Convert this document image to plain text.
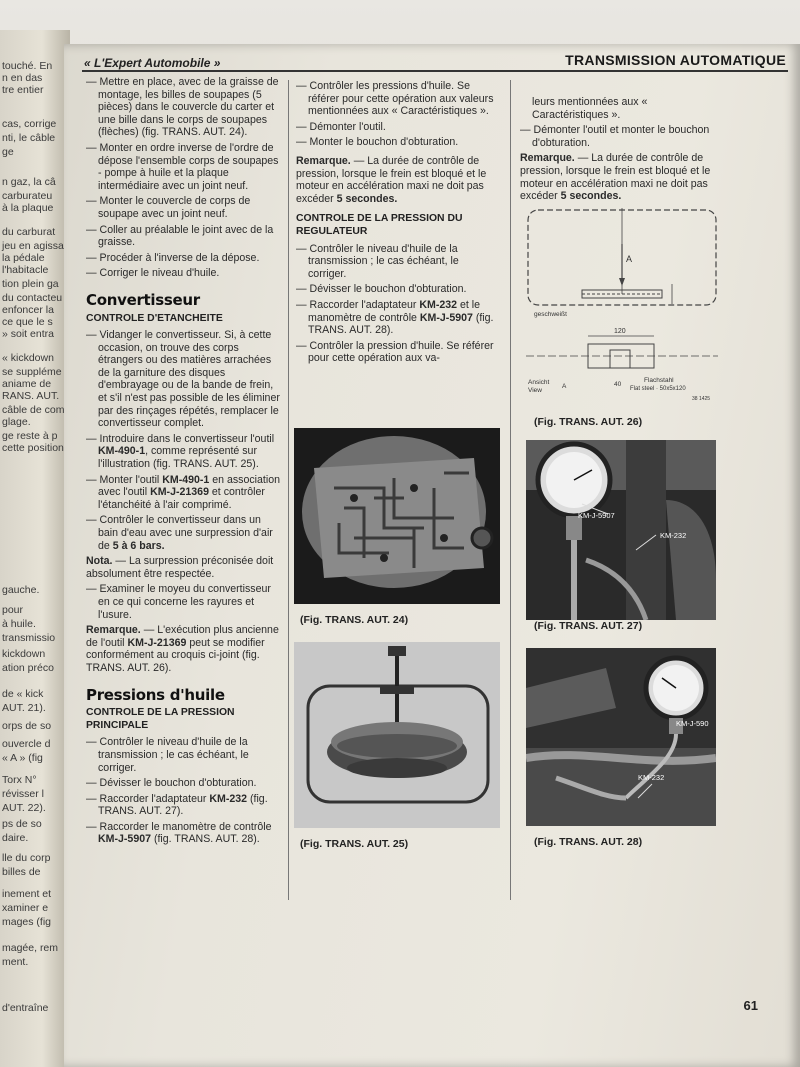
touché. En
n en das
tre entier
cas, corrige
nti, le câble
ge
n gaz, la câ
carburateu
à la plaque
du carburat
jeu en agissa
la pédale
l'habitacle
tion plein ga
du contacteu
enfoncer la
ce que le s
» soit entra
« kickdown
se suppléme
aniame de
RANS. AUT.
câble de com
glage.
ge reste à p
cette position
gauche.
pour
à huile.
transmissio
kickdown
ation préco
de « kick
AUT. 21).
orps de so
ouvercle d
« A » (fig
Torx N°
révisser l
AUT. 22).
ps de so
daire.
lle du corp
billes de
inement et
xaminer e
mages (fig
magée, rem
ment.
d'entraîne
« L'Expert Automobile »	TRANSMISSION AUTOMATIQUE
— Mettre en place, avec de la graisse de montage, les billes de soupapes (5 pièces) dans le couvercle du carter et une bille dans le corps de soupapes (flèches) (fig. TRANS. AUT. 24).
— Monter en ordre inverse de l'ordre de dépose l'ensemble corps de soupapes - pompe à huile et la plaque intermédiaire avec un joint neuf.
— Monter le couvercle de corps de soupape avec un joint neuf.
— Coller au préalable le joint avec de la graisse.
— Procéder à l'inverse de la dépose.
— Corriger le niveau d'huile.
Convertisseur
CONTROLE D'ETANCHEITE
— Vidanger le convertisseur. Si, à cette occasion, on trouve des corps étrangers ou des matières arrachées de la garniture des disques d'embrayage ou de la bande de frein, et s'il n'est pas possible de les éliminer par des rinçages répétés, remplacer le convertisseur complet.
— Introduire dans le convertisseur l'outil KM-490-1, comme représenté sur l'illustration (fig. TRANS. AUT. 25).
— Monter l'outil KM-490-1 en association avec l'outil KM-J-21369 et contrôler l'étanchéité à l'air comprimé.
— Contrôler le convertisseur dans un bain d'eau avec une surpression d'air de 5 à 6 bars.

Nota. — La surpression préconisée doit absolument être respectée.

— Examiner le moyeu du convertisseur en ce qui concerne les rayures et l'usure.

Remarque. — L'exécution plus ancienne de l'outil KM-J-21369 peut se modifier conformément au croquis ci-joint (fig. TRANS. AUT. 26).

Pressions d'huile
CONTROLE DE LA PRESSION PRINCIPALE
— Contrôler le niveau d'huile de la transmission ; le cas échéant, le corriger.
— Dévisser le bouchon d'obturation.
— Raccorder l'adaptateur KM-232 (fig. TRANS. AUT. 27).
— Raccorder le manomètre de contrôle KM-J-5907 (fig. TRANS. AUT. 28).
— Contrôler les pressions d'huile. Se référer pour cette opération aux valeurs mentionnées aux « Caractéristiques ».
— Démonter l'outil.
— Monter le bouchon d'obturation.

Remarque. — La durée de contrôle de pression, lorsque le frein est bloqué et le moteur en accélération maxi ne doit pas excéder 5 secondes.

CONTROLE DE LA PRESSION DU REGULATEUR
— Contrôler le niveau d'huile de la transmission ; le cas échéant, le corriger.
— Dévisser le bouchon d'obturation.
— Raccorder l'adaptateur KM-232 et le manomètre de contrôle KM-J-5907 (fig. TRANS. AUT. 28).
— Contrôler la pression d'huile. Se référer pour cette opération aux va-

leurs mentionnées aux « Caractéristiques ».

— Démonter l'outil et monter le bouchon d'obturation.

Remarque. — La durée de contrôle de pression, lorsque le frein est bloqué et le moteur en accélération maxi ne doit pas excéder 5 secondes.

A
geschweißt
120
Ansicht
View
A	40
Flachstahl
Flat steel · 50x5x120
38 1425
(Fig. TRANS. AUT. 26)
(Fig. TRANS. AUT. 24)
KM-J-5907
KM-232
(Fig. TRANS. AUT. 27)
(Fig. TRANS. AUT. 25)
KM-J-590
KM-232
(Fig. TRANS. AUT. 28)
61
